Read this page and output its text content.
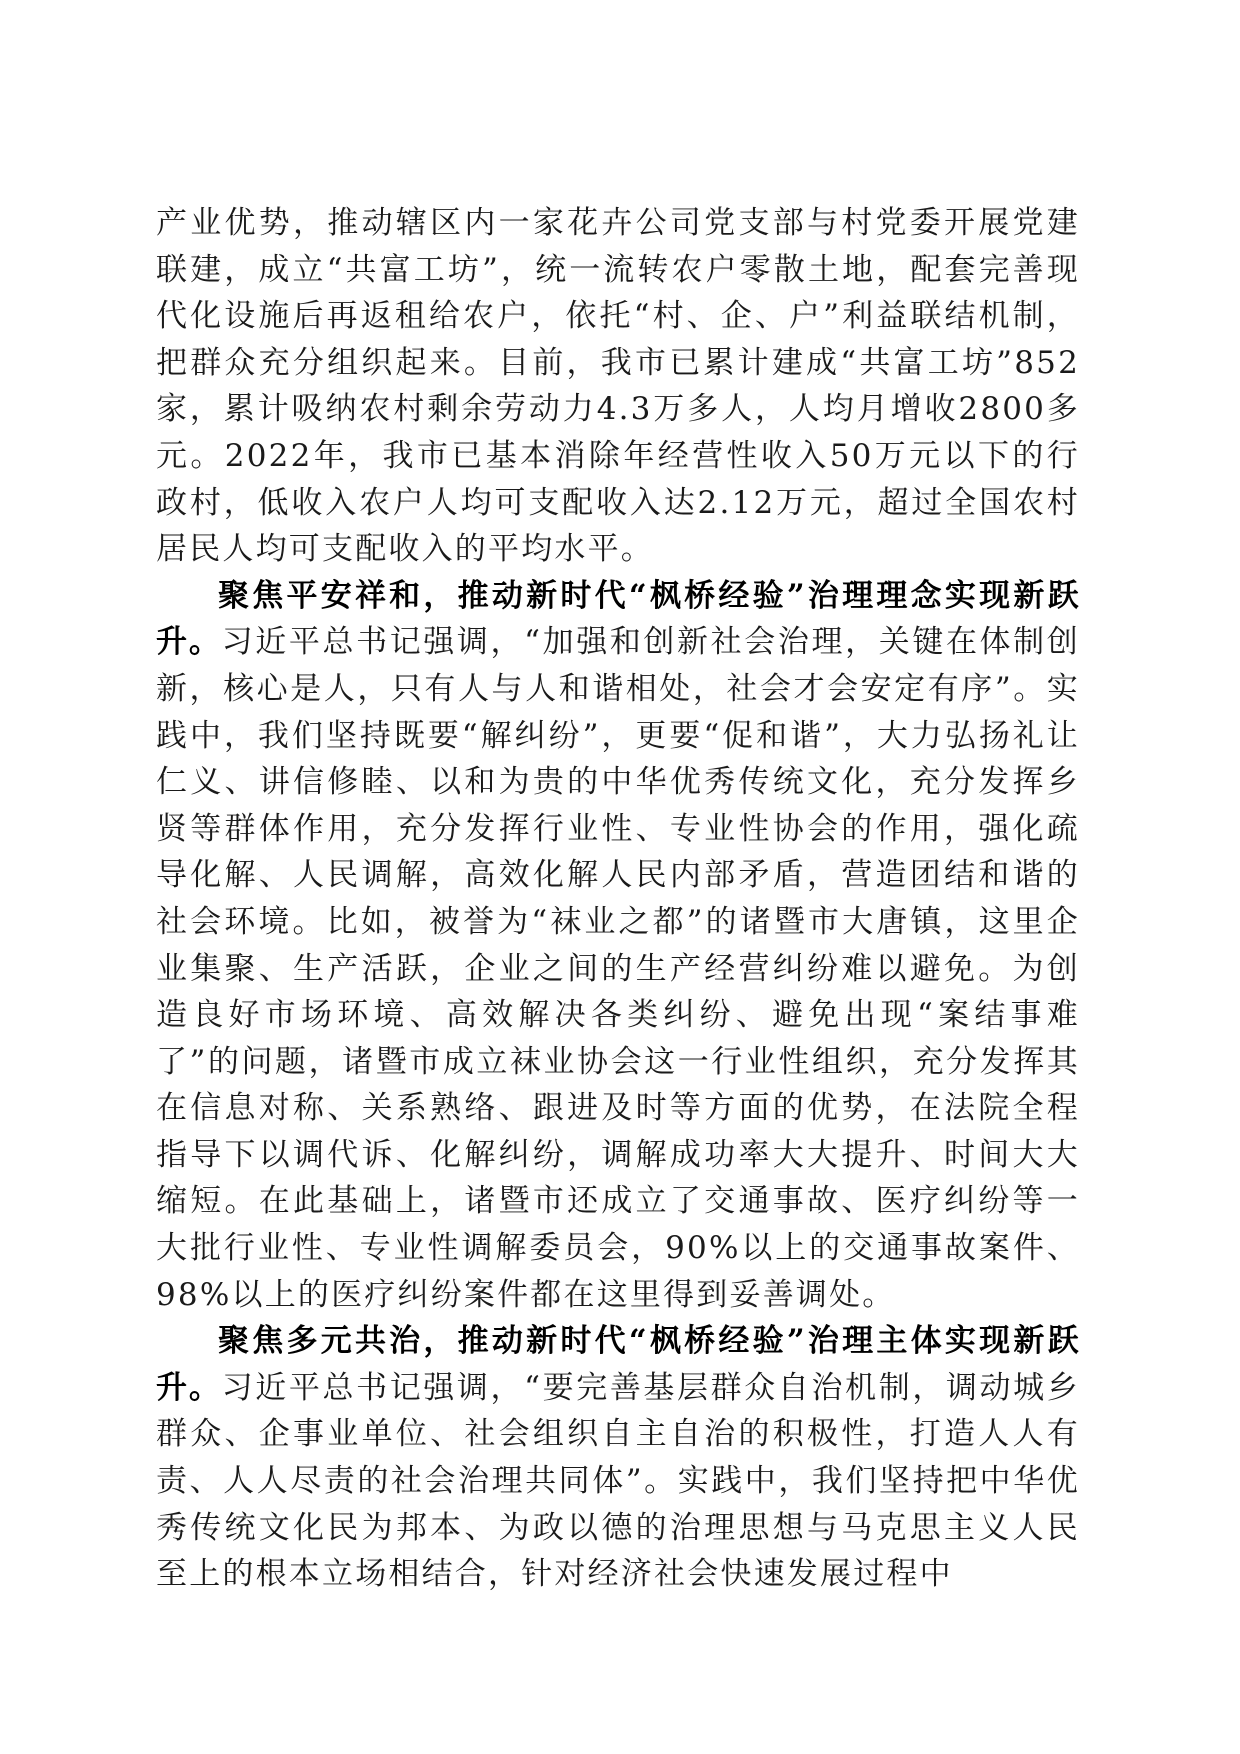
产业优势，推动辖区内一家花卉公司党支部与村党委开展党建联建，成立“共富工坊”，统一流转农户零散土地，配套完善现代化设施后再返租给农户，依托“村、企、户”利益联结机制，把群众充分组织起来。目前，我市已累计建成“共富工坊”852家，累计吸纳农村剩余劳动力4.3万多人，人均月增收2800多元。2022年，我市已基本消除年经营性收入50万元以下的行政村，低收入农户人均可支配收入达2.12万元，超过全国农村居民人均可支配收入的平均水平。

聚焦平安祥和，推动新时代“枫桥经验”治理理念实现新跃升。习近平总书记强调，“加强和创新社会治理，关键在体制创新，核心是人，只有人与人和谐相处，社会才会安定有序”。实践中，我们坚持既要“解纠纷”，更要“促和谐”，大力弘扬礼让仁义、讲信修睦、以和为贵的中华优秀传统文化，充分发挥乡贤等群体作用，充分发挥行业性、专业性协会的作用，强化疏导化解、人民调解，高效化解人民内部矛盾，营造团结和谐的社会环境。比如，被誉为“袜业之都”的诸暨市大唐镇，这里企业集聚、生产活跃，企业之间的生产经营纠纷难以避免。为创造良好市场环境、高效解决各类纠纷、避免出现“案结事难了”的问题，诸暨市成立袜业协会这一行业性组织，充分发挥其在信息对称、关系熟络、跟进及时等方面的优势，在法院全程指导下以调代诉、化解纠纷，调解成功率大大提升、时间大大缩短。在此基础上，诸暨市还成立了交通事故、医疗纠纷等一大批行业性、专业性调解委员会，90%以上的交通事故案件、98%以上的医疗纠纷案件都在这里得到妥善调处。

聚焦多元共治，推动新时代“枫桥经验”治理主体实现新跃升。习近平总书记强调，“要完善基层群众自治机制，调动城乡群众、企事业单位、社会组织自主自治的积极性，打造人人有责、人人尽责的社会治理共同体”。实践中，我们坚持把中华优秀传统文化民为邦本、为政以德的治理思想与马克思主义人民至上的根本立场相结合，针对经济社会快速发展过程中
